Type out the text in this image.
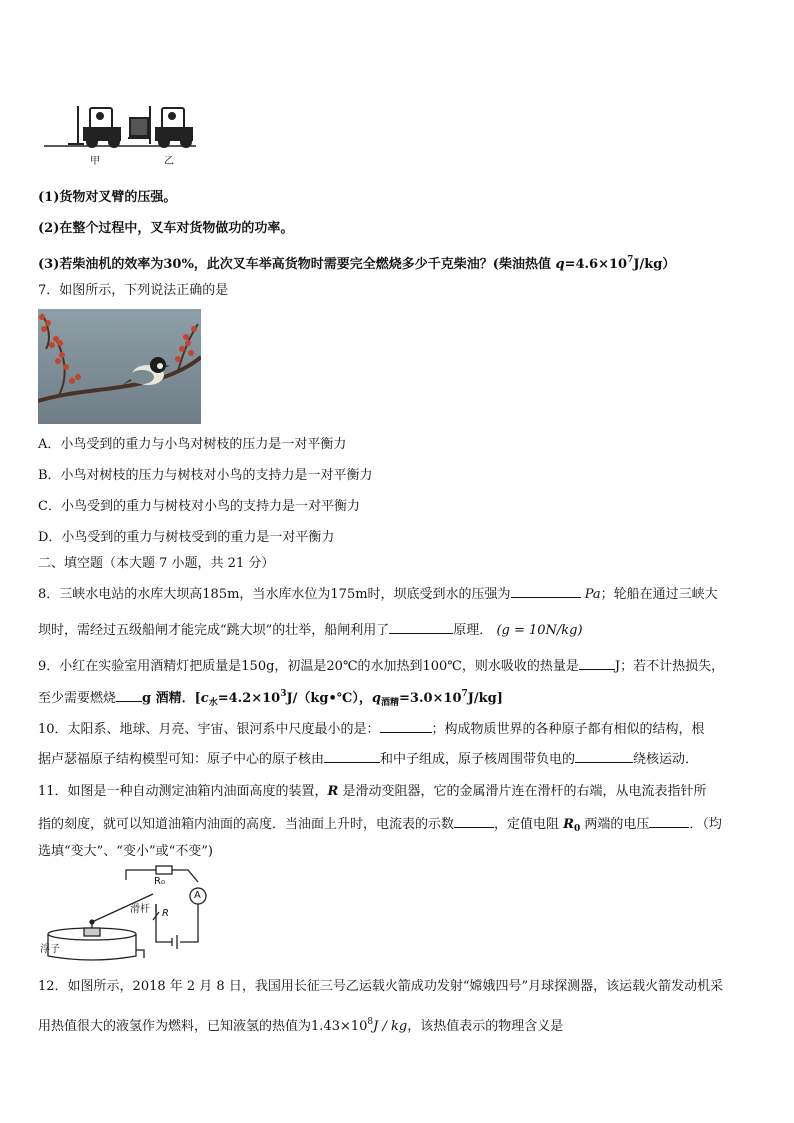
甲	乙
(1)货物对叉臂的压强。
(2)在整个过程中，叉车对货物做功的功率。
(3)若柴油机的效率为30%，此次叉车举高货物时需要完全燃烧多少千克柴油？(柴油热值 $q=4.6\times 10^7J/kg$）
7．如图所示，下列说法正确的是
A．小鸟受到的重力与小鸟对树枝的压力是一对平衡力
B．小鸟对树枝的压力与树枝对小鸟的支持力是一对平衡力
C．小鸟受到的重力与树枝对小鸟的支持力是一对平衡力
D．小鸟受到的重力与树枝受到的重力是一对平衡力
二、填空题（本大题 7 小题，共 21 分）
8．三峡水电站的水库大坝高185m，当水库水位为175m时，坝底受到水的压强为	Pa；轮船在通过三峡大
坝时，需经过五级船闸才能完成“跳大坝”的壮举，船闸利用了	原理． (g = 10N/kg)
9．小红在实验室用酒精灯把质量是150g，初温是20℃的水加热到100℃，则水吸收的热量是	J；若不计热损失，
至少需要燃烧 g 酒精．[$c_水=4.2\times 10^3J/(kg•℃)$，$q_{酒精}=3.0\times 10^7J/kg$]
10．太阳系、地球、月亮、宇宙、银河系中尺度最小的是：	；构成物质世界的各种原子都有相似的结构，根
据卢瑟福原子结构模型可知：原子中心的原子核由	和中子组成，原子核周围带负电的	绕核运动．
11．如图是一种自动测定油箱内油面高度的装置，R 是滑动变阻器，它的金属滑片连在滑杆的右端，从电流表指针所
指的刻度，就可以知道油箱内油面的高度．当油面上升时，电流表的示数	，定值电阻 $R_0$ 两端的电压	．（均
选填“变大”、“变小”或“不变”)
R₀
A
滑杆 R
浮子
12．如图所示，2018 年 2 月 8 日，我国用长征三号乙运载火箭成功发射“嫦娥四号”月球探测器，该运载火箭发动机采
用热值很大的液氢作为燃料，已知液氢的热值为$1.43\times 10^8J$ / kg，该热值表示的物理含义是
